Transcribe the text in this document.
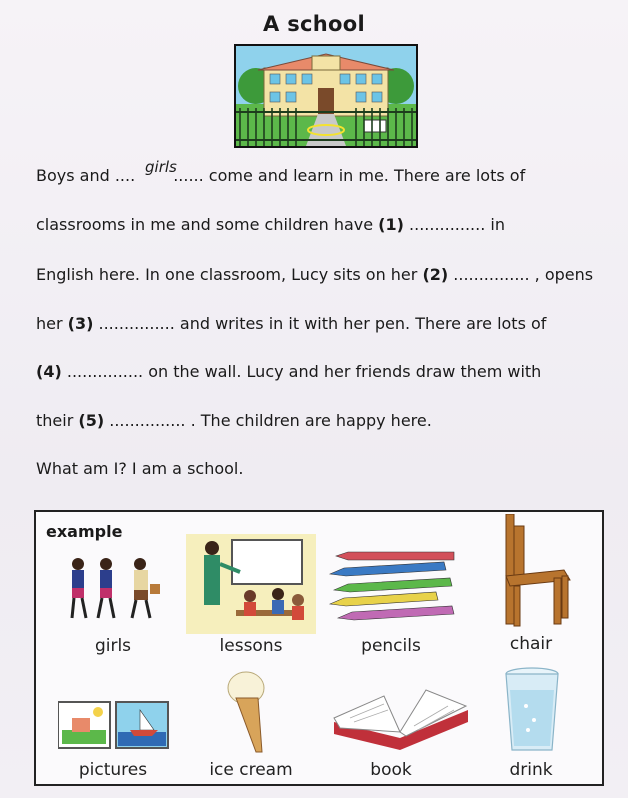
A school
Boys and .... ...... come and learn in me. There are lots of
girls
classrooms in me and some children have (1) ............... in
English here. In one classroom, Lucy sits on her (2) ............... , opens
her (3) ............... and writes in it with her pen. There are lots of
(4) ............... on the wall. Lucy and her friends draw them with
their (5) ............... . The children are happy here.
What am I? I am a school.
example
girls	lessons	pencils	chair
pictures	ice cream	book	drink
